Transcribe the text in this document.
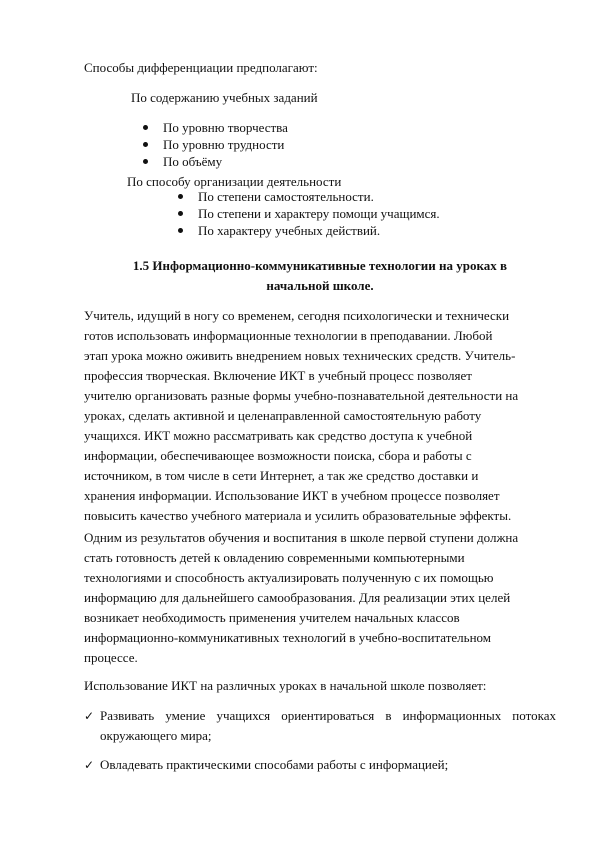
Способы дифференциации предполагают:
По содержанию учебных заданий
По уровню творчества
По уровню трудности
По объёму
По способу организации деятельности
По степени самостоятельности.
По степени и характеру помощи учащимся.
По характеру учебных действий.
1.5 Информационно-коммуникативные технологии на уроках в
начальной школе.
Учитель, идущий в ногу со временем, сегодня психологически и технически
готов использовать информационные технологии в преподавании. Любой
этап урока можно оживить внедрением новых технических средств. Учитель-
профессия творческая. Включение ИКТ в учебный процесс позволяет
учителю организовать разные формы учебно-познавательной деятельности на
уроках, сделать активной и целенаправленной самостоятельную работу
учащихся. ИКТ можно рассматривать как средство доступа к учебной
информации, обеспечивающее возможности поиска, сбора и работы с
источником, в том числе в сети Интернет, а так же средство доставки и
хранения информации. Использование ИКТ в учебном процессе позволяет
повысить качество учебного материала и усилить образовательные эффекты.
Одним из результатов обучения и воспитания в школе первой ступени должна
стать готовность детей к овладению современными компьютерными
технологиями и способность актуализировать полученную с их помощью
информацию для дальнейшего самообразования. Для реализации этих целей
возникает необходимость применения учителем начальных классов
информационно-коммуникативных технологий в учебно-воспитательном
процессе.
Использование ИКТ на различных уроках в начальной школе позволяет:
✓ Развивать умение учащихся ориентироваться в информационных потоках
окружающего мира;
✓ Овладевать практическими способами работы с информацией;
